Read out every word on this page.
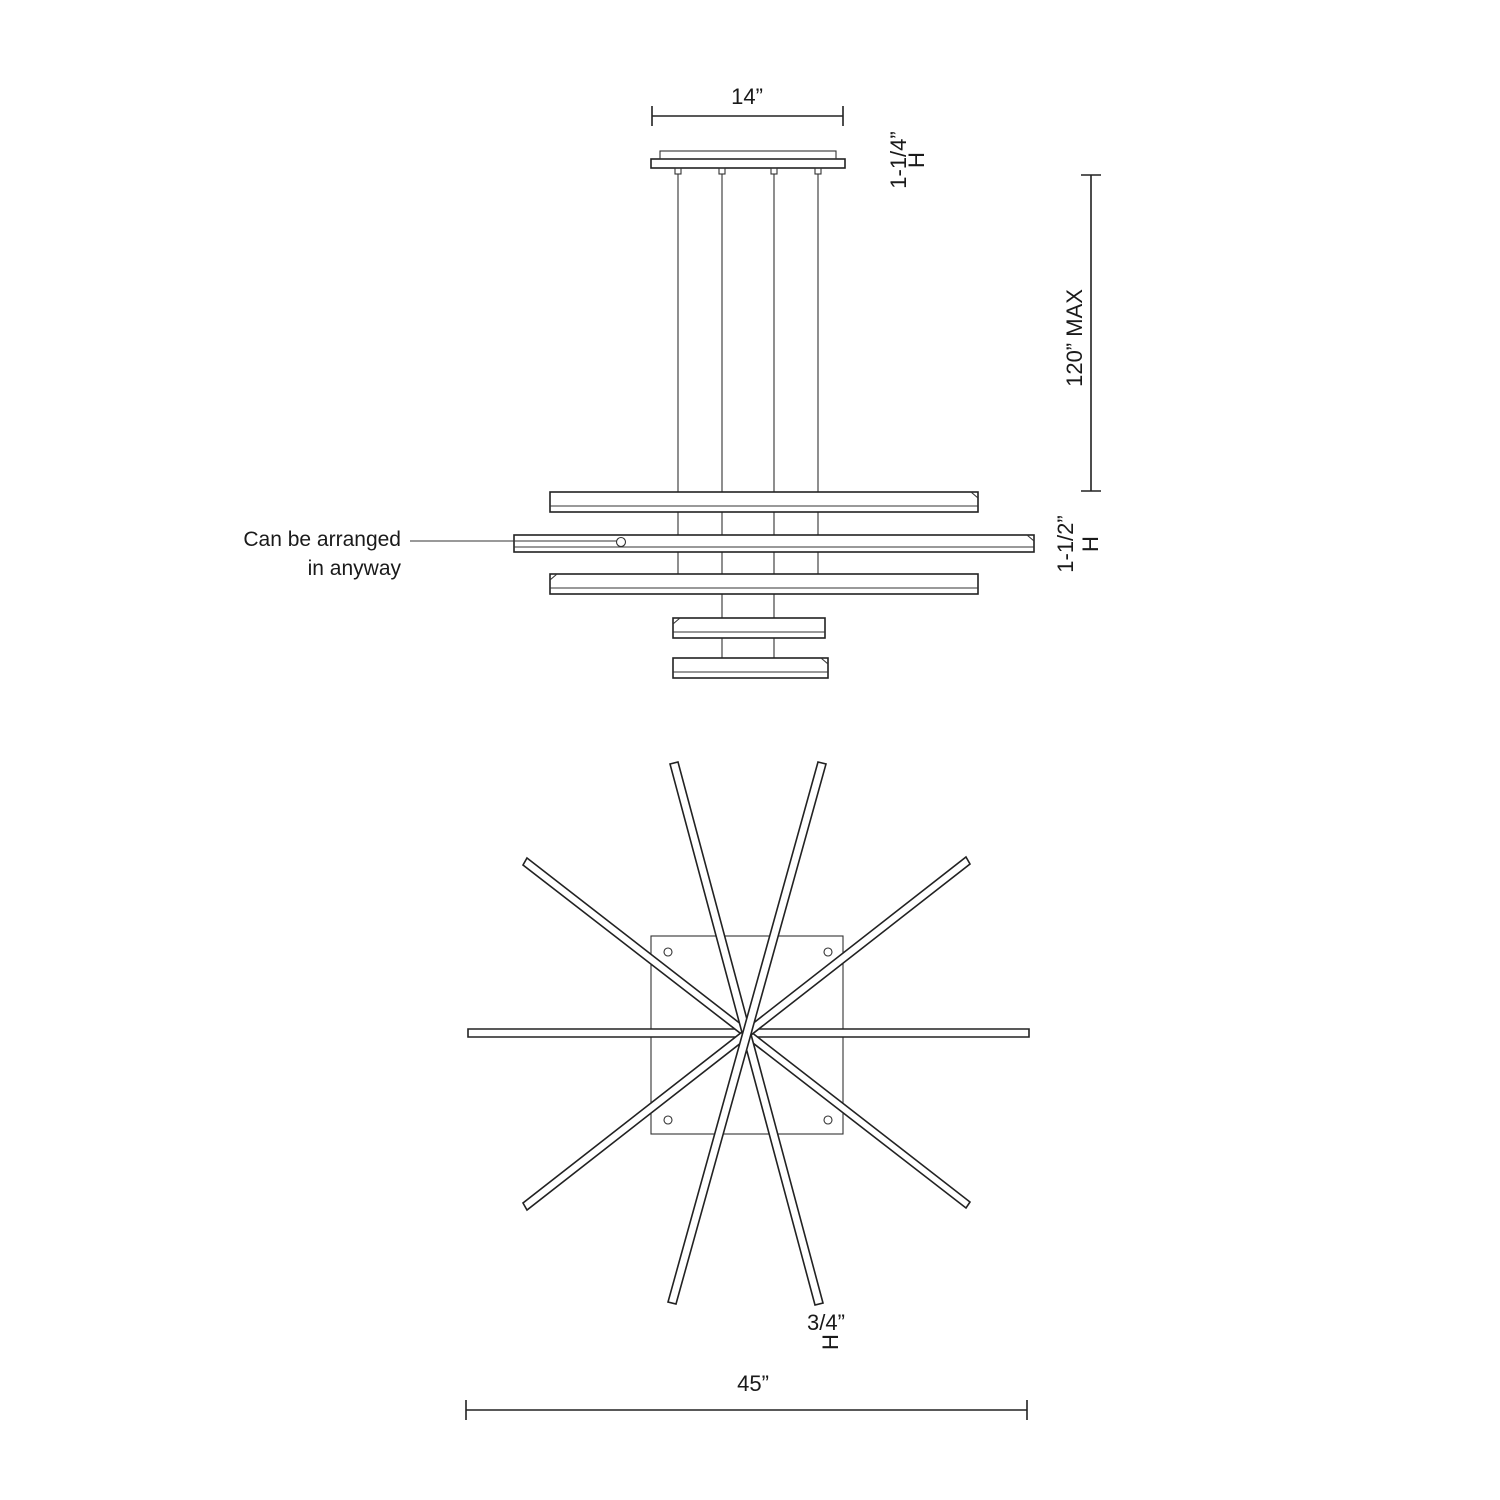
14”
1-1/4”
H
120” MAX
Can be arranged
in anyway	1-1/2” H
3/4”
H
45”
